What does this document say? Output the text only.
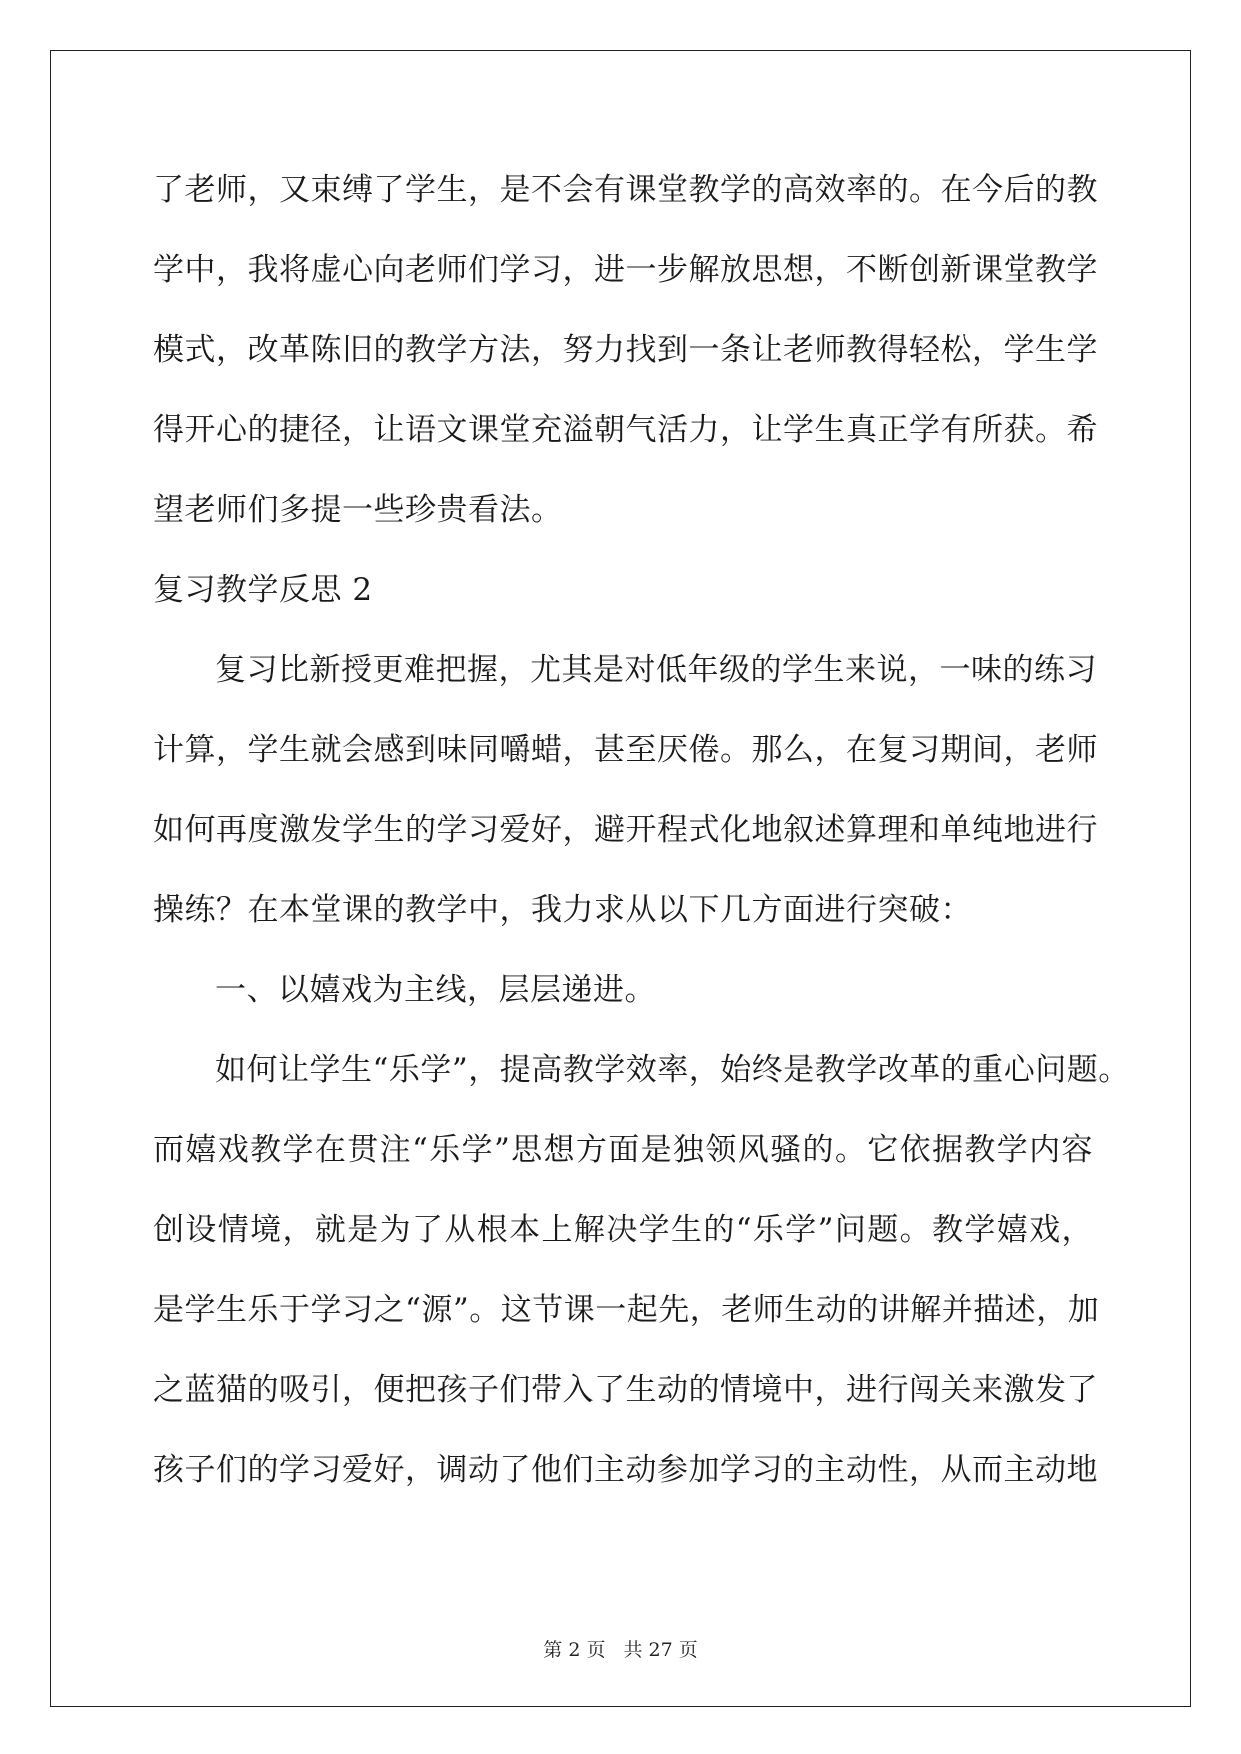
了老师，又束缚了学生，是不会有课堂教学的高效率的。在今后的教
学中，我将虚心向老师们学习，进一步解放思想，不断创新课堂教学
模式，改革陈旧的教学方法，努力找到一条让老师教得轻松，学生学
得开心的捷径，让语文课堂充溢朝气活力，让学生真正学有所获。希
望老师们多提一些珍贵看法。
复习教学反思 2
复习比新授更难把握，尤其是对低年级的学生来说，一味的练习
计算，学生就会感到味同嚼蜡，甚至厌倦。那么，在复习期间，老师
如何再度激发学生的学习爱好，避开程式化地叙述算理和单纯地进行
操练？在本堂课的教学中，我力求从以下几方面进行突破：
一、以嬉戏为主线，层层递进。
如何让学生“乐学”，提高教学效率，始终是教学改革的重心问题。
而嬉戏教学在贯注“乐学”思想方面是独领风骚的。它依据教学内容
创设情境，就是为了从根本上解决学生的“乐学”问题。教学嬉戏，
是学生乐于学习之“源”。这节课一起先，老师生动的讲解并描述，加
之蓝猫的吸引，便把孩子们带入了生动的情境中，进行闯关来激发了
孩子们的学习爱好，调动了他们主动参加学习的主动性，从而主动地
第 2 页 共 27 页
